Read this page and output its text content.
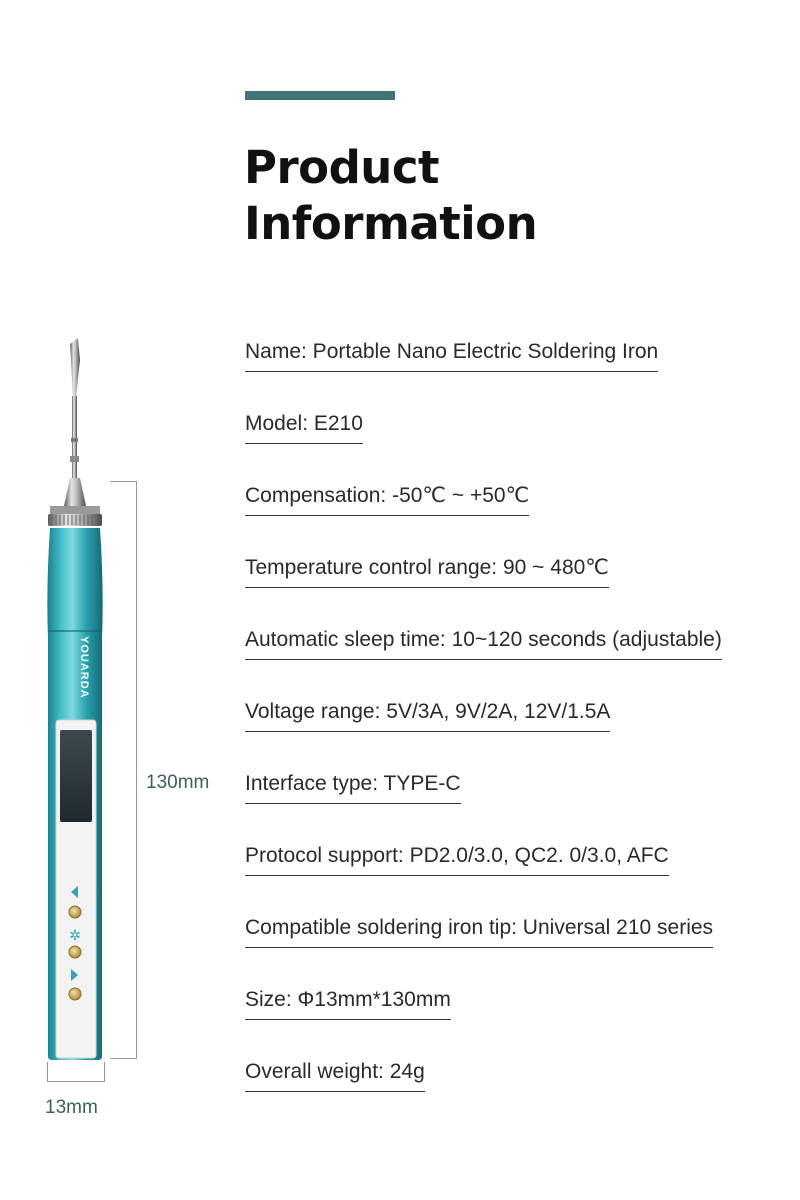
Product
Information
Name: Portable Nano Electric Soldering Iron
Model: E210
Compensation: -50℃ ~ +50℃
Temperature control range: 90 ~ 480℃
Automatic sleep time: 10~120 seconds (adjustable)
Voltage range: 5V/3A, 9V/2A, 12V/1.5A
Interface type: TYPE-C
Protocol support: PD2.0/3.0, QC2. 0/3.0, AFC
Compatible soldering iron tip: Universal 210 series
Size: Φ13mm*130mm
Overall weight: 24g
130mm
13mm
YOUARDA
✲
